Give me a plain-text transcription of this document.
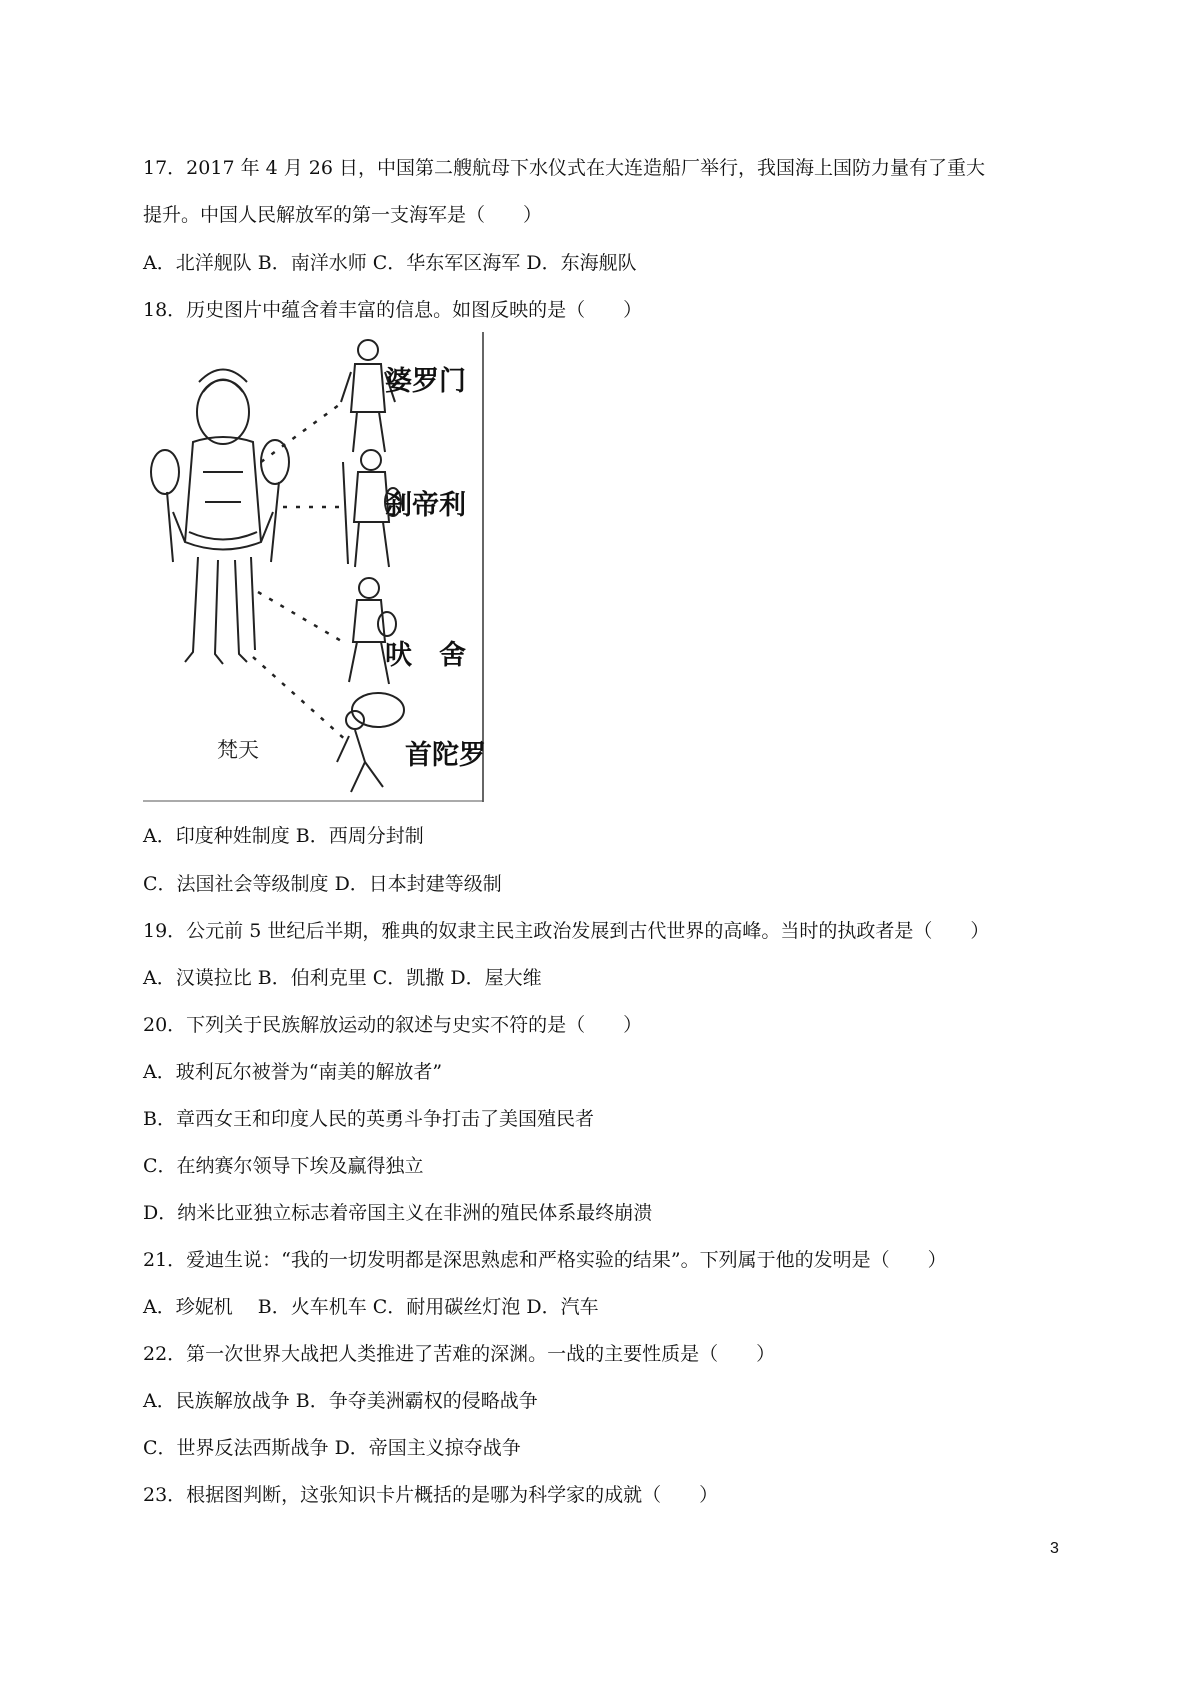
17．2017 年 4 月 26 日，中国第二艘航母下水仪式在大连造船厂举行，我国海上国防力量有了重大
提升。中国人民解放军的第一支海军是（　　）
A．北洋舰队 B．南洋水师 C．华东军区海军 D．东海舰队
18．历史图片中蕴含着丰富的信息。如图反映的是（　　）
婆罗门
刹帝利
吠　舍
首陀罗
梵天
A．印度种姓制度 B．西周分封制
C．法国社会等级制度 D．日本封建等级制
19．公元前 5 世纪后半期，雅典的奴隶主民主政治发展到古代世界的高峰。当时的执政者是（　　）
A．汉谟拉比 B．伯利克里 C．凯撒 D．屋大维
20．下列关于民族解放运动的叙述与史实不符的是（　　）
A．玻利瓦尔被誉为“南美的解放者”
B．章西女王和印度人民的英勇斗争打击了美国殖民者
C．在纳赛尔领导下埃及赢得独立
D．纳米比亚独立标志着帝国主义在非洲的殖民体系最终崩溃
21．爱迪生说：“我的一切发明都是深思熟虑和严格实验的结果”。下列属于他的发明是（　　）
A．珍妮机　 B．火车机车 C．耐用碳丝灯泡 D．汽车
22．第一次世界大战把人类推进了苦难的深渊。一战的主要性质是（　　）
A．民族解放战争 B．争夺美洲霸权的侵略战争
C．世界反法西斯战争 D．帝国主义掠夺战争
23．根据图判断，这张知识卡片概括的是哪为科学家的成就（　　）
3
